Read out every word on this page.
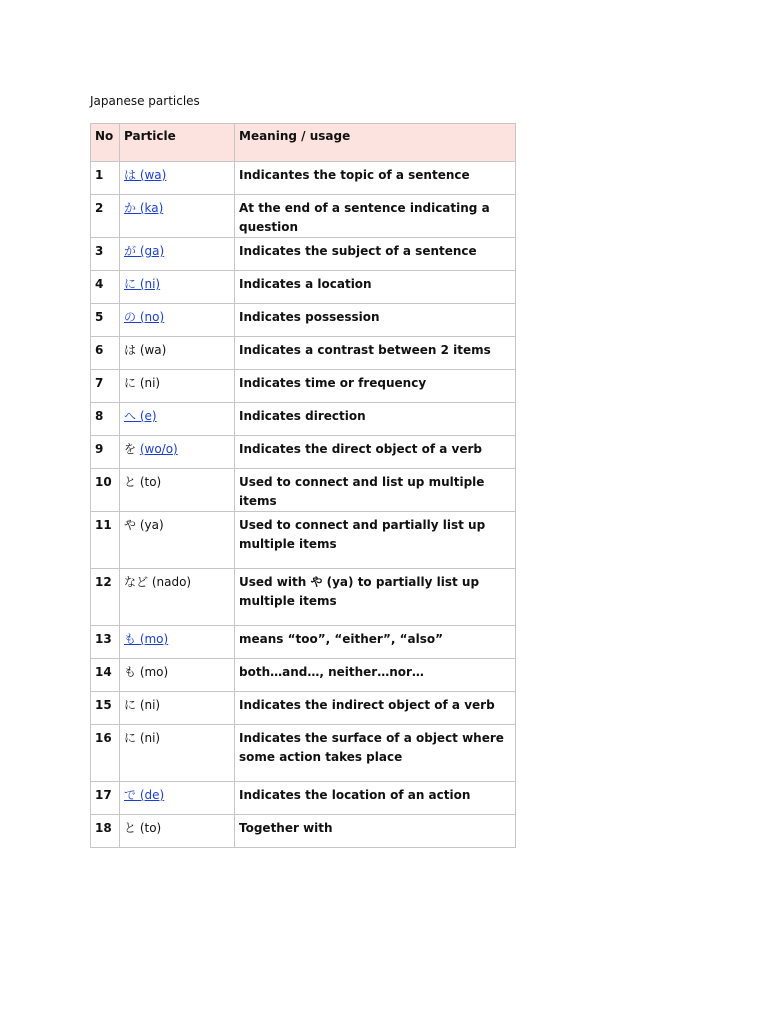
Japanese particles
No	Particle	Meaning / usage
1	は (wa)	Indicantes the topic of a sentence
2	か (ka)	At the end of a sentence indicating a question
3	が (ga)	Indicates the subject of a sentence
4	に (ni)	Indicates a location
5	の (no)	Indicates possession
6	は (wa)	Indicates a contrast between 2 items
7	に (ni)	Indicates time or frequency
8	へ (e)	Indicates direction
9	を (wo/o)	Indicates the direct object of a verb
10	と (to)	Used to connect and list up multiple items
11	や (ya)	Used to connect and partially list up multiple items
12	など (nado)	Used with や (ya) to partially list up multiple items
13	も (mo)	means “too”, “either”, “also”
14	も (mo)	both…and…, neither…nor…
15	に (ni)	Indicates the indirect object of a verb
16	に (ni)	Indicates the surface of a object where some action takes place
17	で (de)	Indicates the location of an action
18	と (to)	Together with
